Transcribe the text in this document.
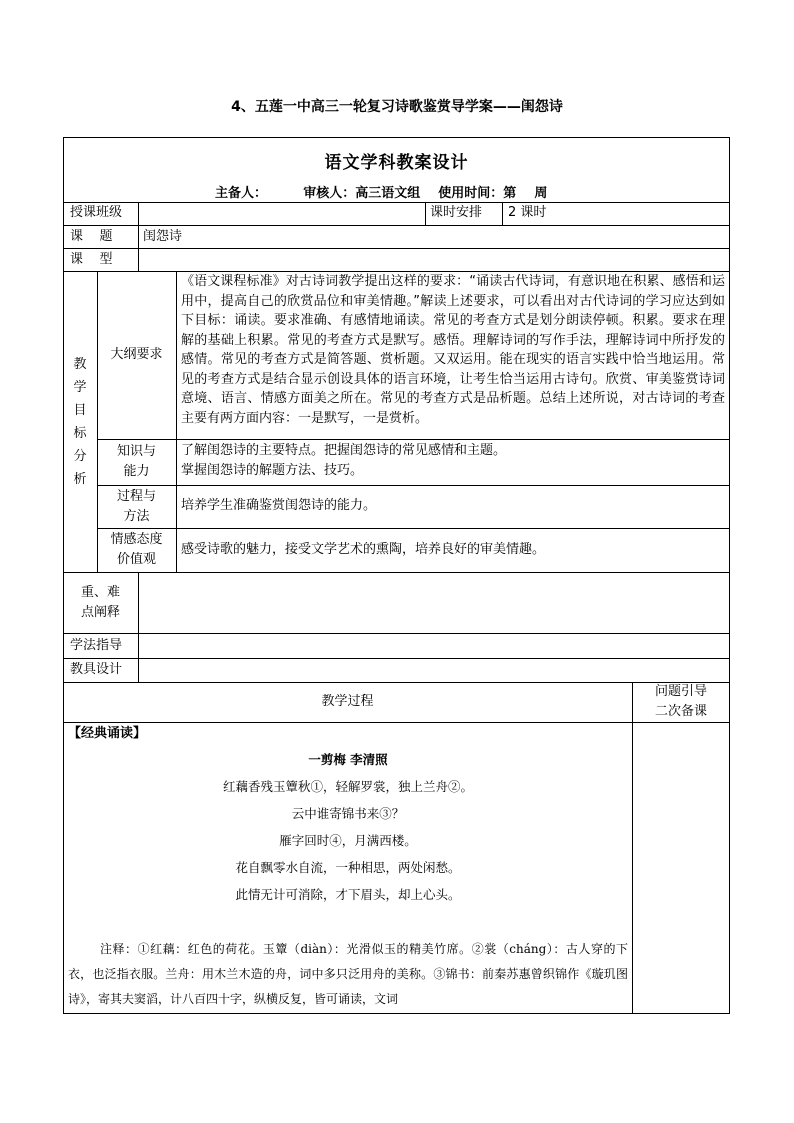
4、五莲一中高三一轮复习诗歌鉴赏导学案——闺怨诗
语文学科教案设计
主备人：        审核人：高三语文组    使用时间：第    周
授课班级	课时安排 2 课时
课    题 闺怨诗
课    型
教
学
目
标
分
析
大纲要求
《语文课程标准》对古诗词教学提出这样的要求：“诵读古代诗词，有意识地在积累、感悟和运用中，提高自己的欣赏品位和审美情趣。”解读上述要求，可以看出对古代诗词的学习应达到如下目标：诵读。要求准确、有感情地诵读。常见的考查方式是划分朗读停顿。积累。要求在理解的基础上积累。常见的考查方式是默写。感悟。理解诗词的写作手法，理解诗词中所抒发的感情。常见的考查方式是简答题、赏析题。又双运用。能在现实的语言实践中恰当地运用。常见的考查方式是结合显示创设具体的语言环境，让考生恰当运用古诗句。欣赏、审美鉴赏诗词意境、语言、情感方面美之所在。常见的考查方式是品析题。总结上述所说，对古诗词的考查主要有两方面内容：一是默写，一是赏析。
知识与
能力
了解闺怨诗的主要特点。把握闺怨诗的常见感情和主题。
掌握闺怨诗的解题方法、技巧。
过程与
方法
培养学生准确鉴赏闺怨诗的能力。
情感态度
价值观
感受诗歌的魅力，接受文学艺术的熏陶，培养良好的审美情趣。
重、难
点阐释
学法指导
教具设计
教学过程
问题引导
二次备课
【经典诵读】
一剪梅 李清照
红藕香残玉簟秋①，轻解罗裳，独上兰舟②。
云中谁寄锦书来③？
雁字回时④，月满西楼。
花自飘零水自流，一种相思，两处闲愁。
此情无计可消除，才下眉头，却上心头。
注释：①红藕：红色的荷花。玉簟（diàn）：光滑似玉的精美竹席。②裳（cháng）：古人穿的下衣，也泛指衣服。兰舟：用木兰木造的舟，词中多只泛用舟的美称。③锦书：前秦苏惠曾织锦作《璇玑图诗》，寄其夫窦滔，计八百四十字，纵横反复，皆可诵读，文词
